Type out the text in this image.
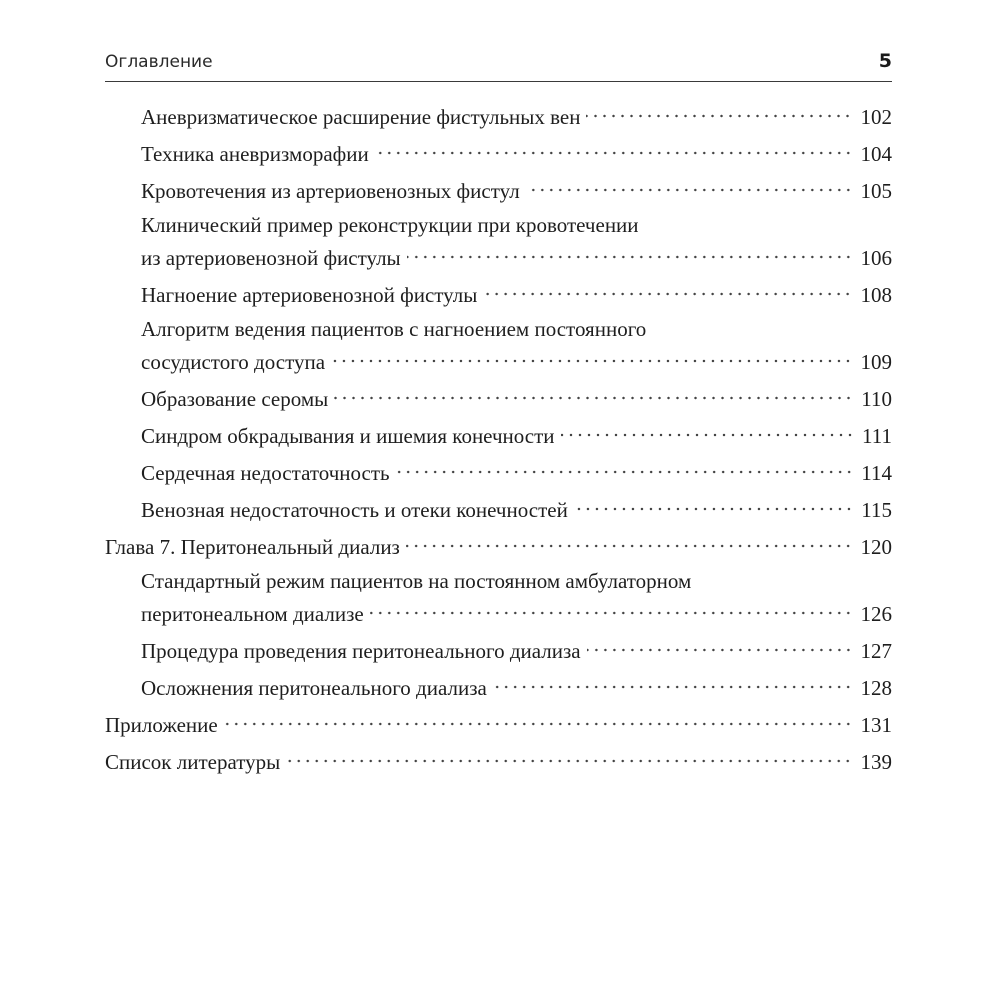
Оглавление	5
Аневризматическое расширение фистульных вен	102
Техника аневризморафии	104
Кровотечения из артериовенозных фистул	105
Клинический пример реконструкции при кровотечении
из артериовенозной фистулы	106
Нагноение артериовенозной фистулы	108
Алгоритм ведения пациентов с нагноением постоянного
сосудистого доступа	109
Образование серомы	110
Синдром обкрадывания и ишемия конечности	111
Сердечная недостаточность	114
Венозная недостаточность и отеки конечностей	115
Глава 7. Перитонеальный диализ	120
Стандартный режим пациентов на постоянном амбулаторном
перитонеальном диализе	126
Процедура проведения перитонеального диализа	127
Осложнения перитонеального диализа	128
Приложение	131
Список литературы	139
